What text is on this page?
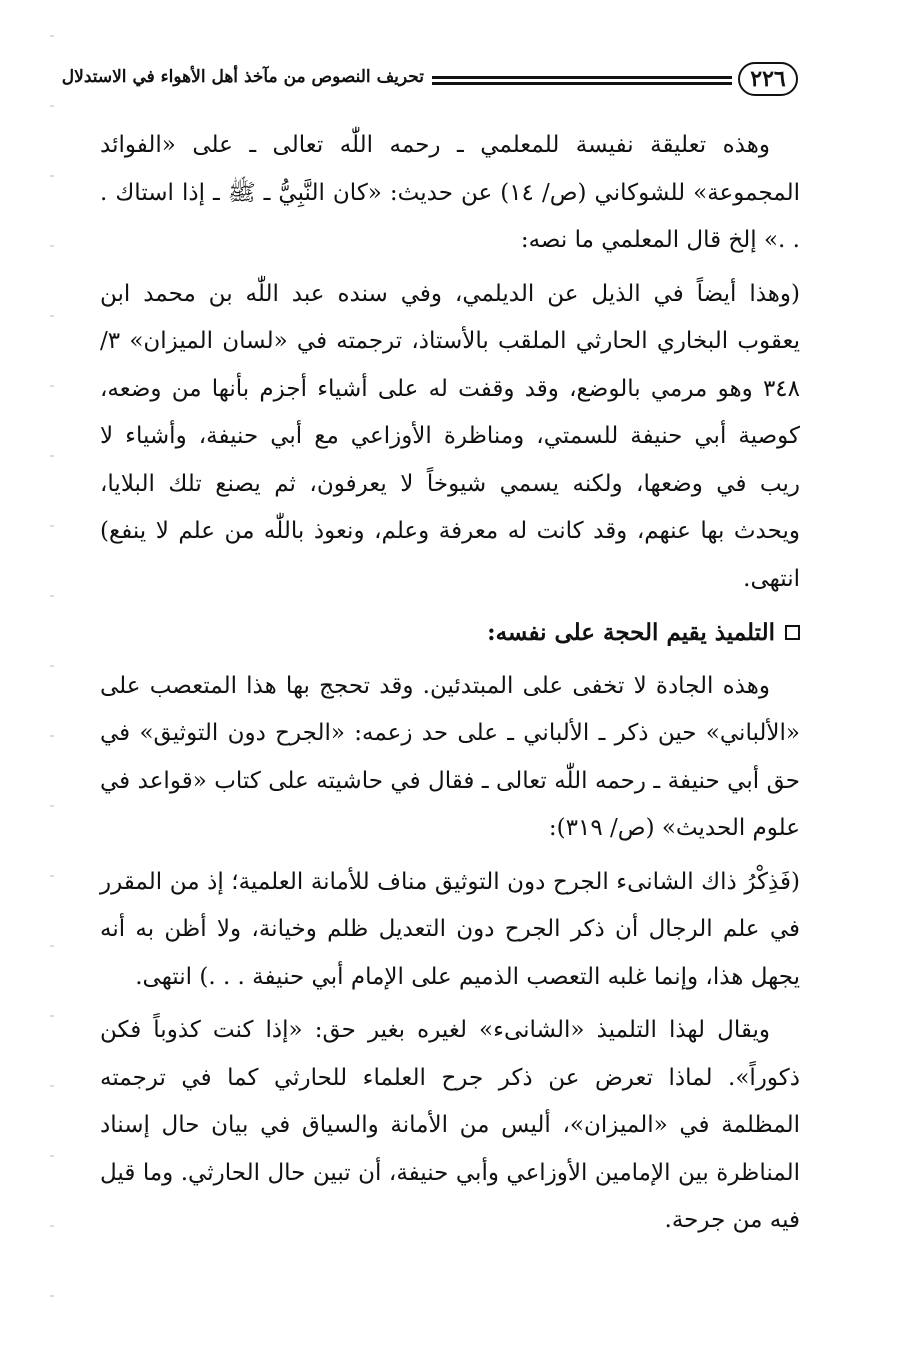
٢٢٦
تحريف النصوص من مآخذ أهل الأهواء في الاستدلال

وهذه تعليقة نفيسة للمعلمي ـ رحمه اللّٰه تعالى ـ على «الفوائد المجموعة» للشوكاني (ص/ ١٤) عن حديث: «كان النَّبِيُّ ـ ﷺ ـ إذا استاك . . .» إلخ قال المعلمي ما نصه:

(وهذا أيضاً في الذيل عن الديلمي، وفي سنده عبد اللّٰه بن محمد ابن يعقوب البخاري الحارثي الملقب بالأستاذ، ترجمته في «لسان الميزان» ٣/ ٣٤٨ وهو مرمي بالوضع، وقد وقفت له على أشياء أجزم بأنها من وضعه، كوصية أبي حنيفة للسمتي، ومناظرة الأوزاعي مع أبي حنيفة، وأشياء لا ريب في وضعها، ولكنه يسمي شيوخاً لا يعرفون، ثم يصنع تلك البلايا، ويحدث بها عنهم، وقد كانت له معرفة وعلم، ونعوذ باللّٰه من علم لا ينفع) انتهى.

التلميذ يقيم الحجة على نفسه:

وهذه الجادة لا تخفى على المبتدئين. وقد تحجج بها هذا المتعصب على «الألباني» حين ذكر ـ الألباني ـ على حد زعمه: «الجرح دون التوثيق» في حق أبي حنيفة ـ رحمه اللّٰه تعالى ـ فقال في حاشيته على كتاب «قواعد في علوم الحديث» (ص/ ٣١٩):

(فَذِكْرُ ذاك الشانىء الجرح دون التوثيق مناف للأمانة العلمية؛ إذ من المقرر في علم الرجال أن ذكر الجرح دون التعديل ظلم وخيانة، ولا أظن به أنه يجهل هذا، وإنما غلبه التعصب الذميم على الإمام أبي حنيفة . . .) انتهى.

ويقال لهذا التلميذ «الشانىء» لغيره بغير حق: «إذا كنت كذوباً فكن ذكوراً». لماذا تعرض عن ذكر جرح العلماء للحارثي كما في ترجمته المظلمة في «الميزان»، أليس من الأمانة والسياق في بيان حال إسناد المناظرة بين الإمامين الأوزاعي وأبي حنيفة، أن تبين حال الحارثي. وما قيل فيه من جرحة.
